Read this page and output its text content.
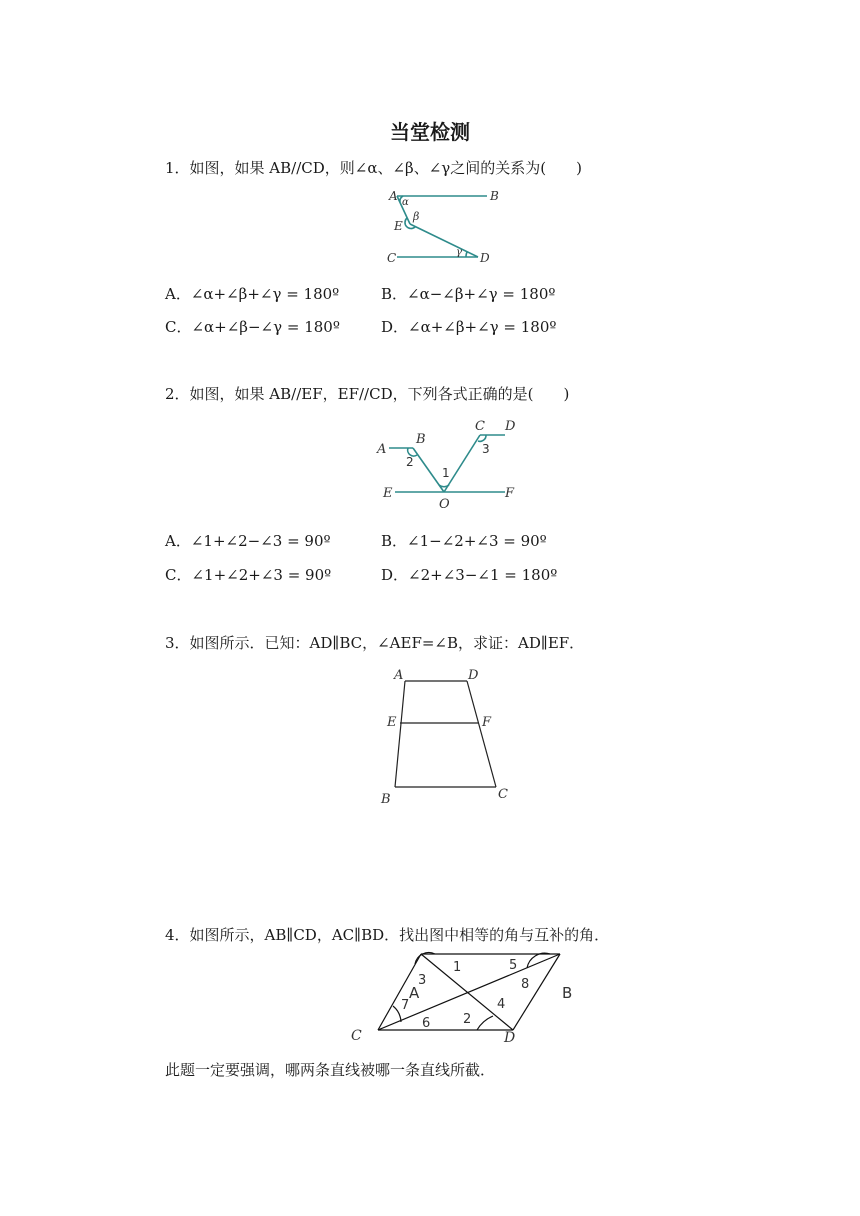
当堂检测
1．如图，如果 AB//CD，则∠α、∠β、∠γ之间的关系为(　　)
A	B
E
C	D
α
β
γ
A．∠α+∠β+∠γ = 180º	B．∠α−∠β+∠γ = 180º
C．∠α+∠β−∠γ = 180º	D．∠α+∠β+∠γ = 180º
2．如图，如果 AB//EF，EF//CD，下列各式正确的是(　　)
A
B
C D
E	F
O
1
2
3
A．∠1+∠2−∠3 = 90º	B．∠1−∠2+∠3 = 90º
C．∠1+∠2+∠3 = 90º	D．∠2+∠3−∠1 = 180º
3．如图所示．已知：AD∥BC，∠AEF=∠B，求证：AD∥EF．
A	D
E	F
B	C
4．如图所示，AB∥CD，AC∥BD．找出图中相等的角与互补的角．
C	D
A	B
1
2
3
4
5
6
7
8
此题一定要强调，哪两条直线被哪一条直线所截．
